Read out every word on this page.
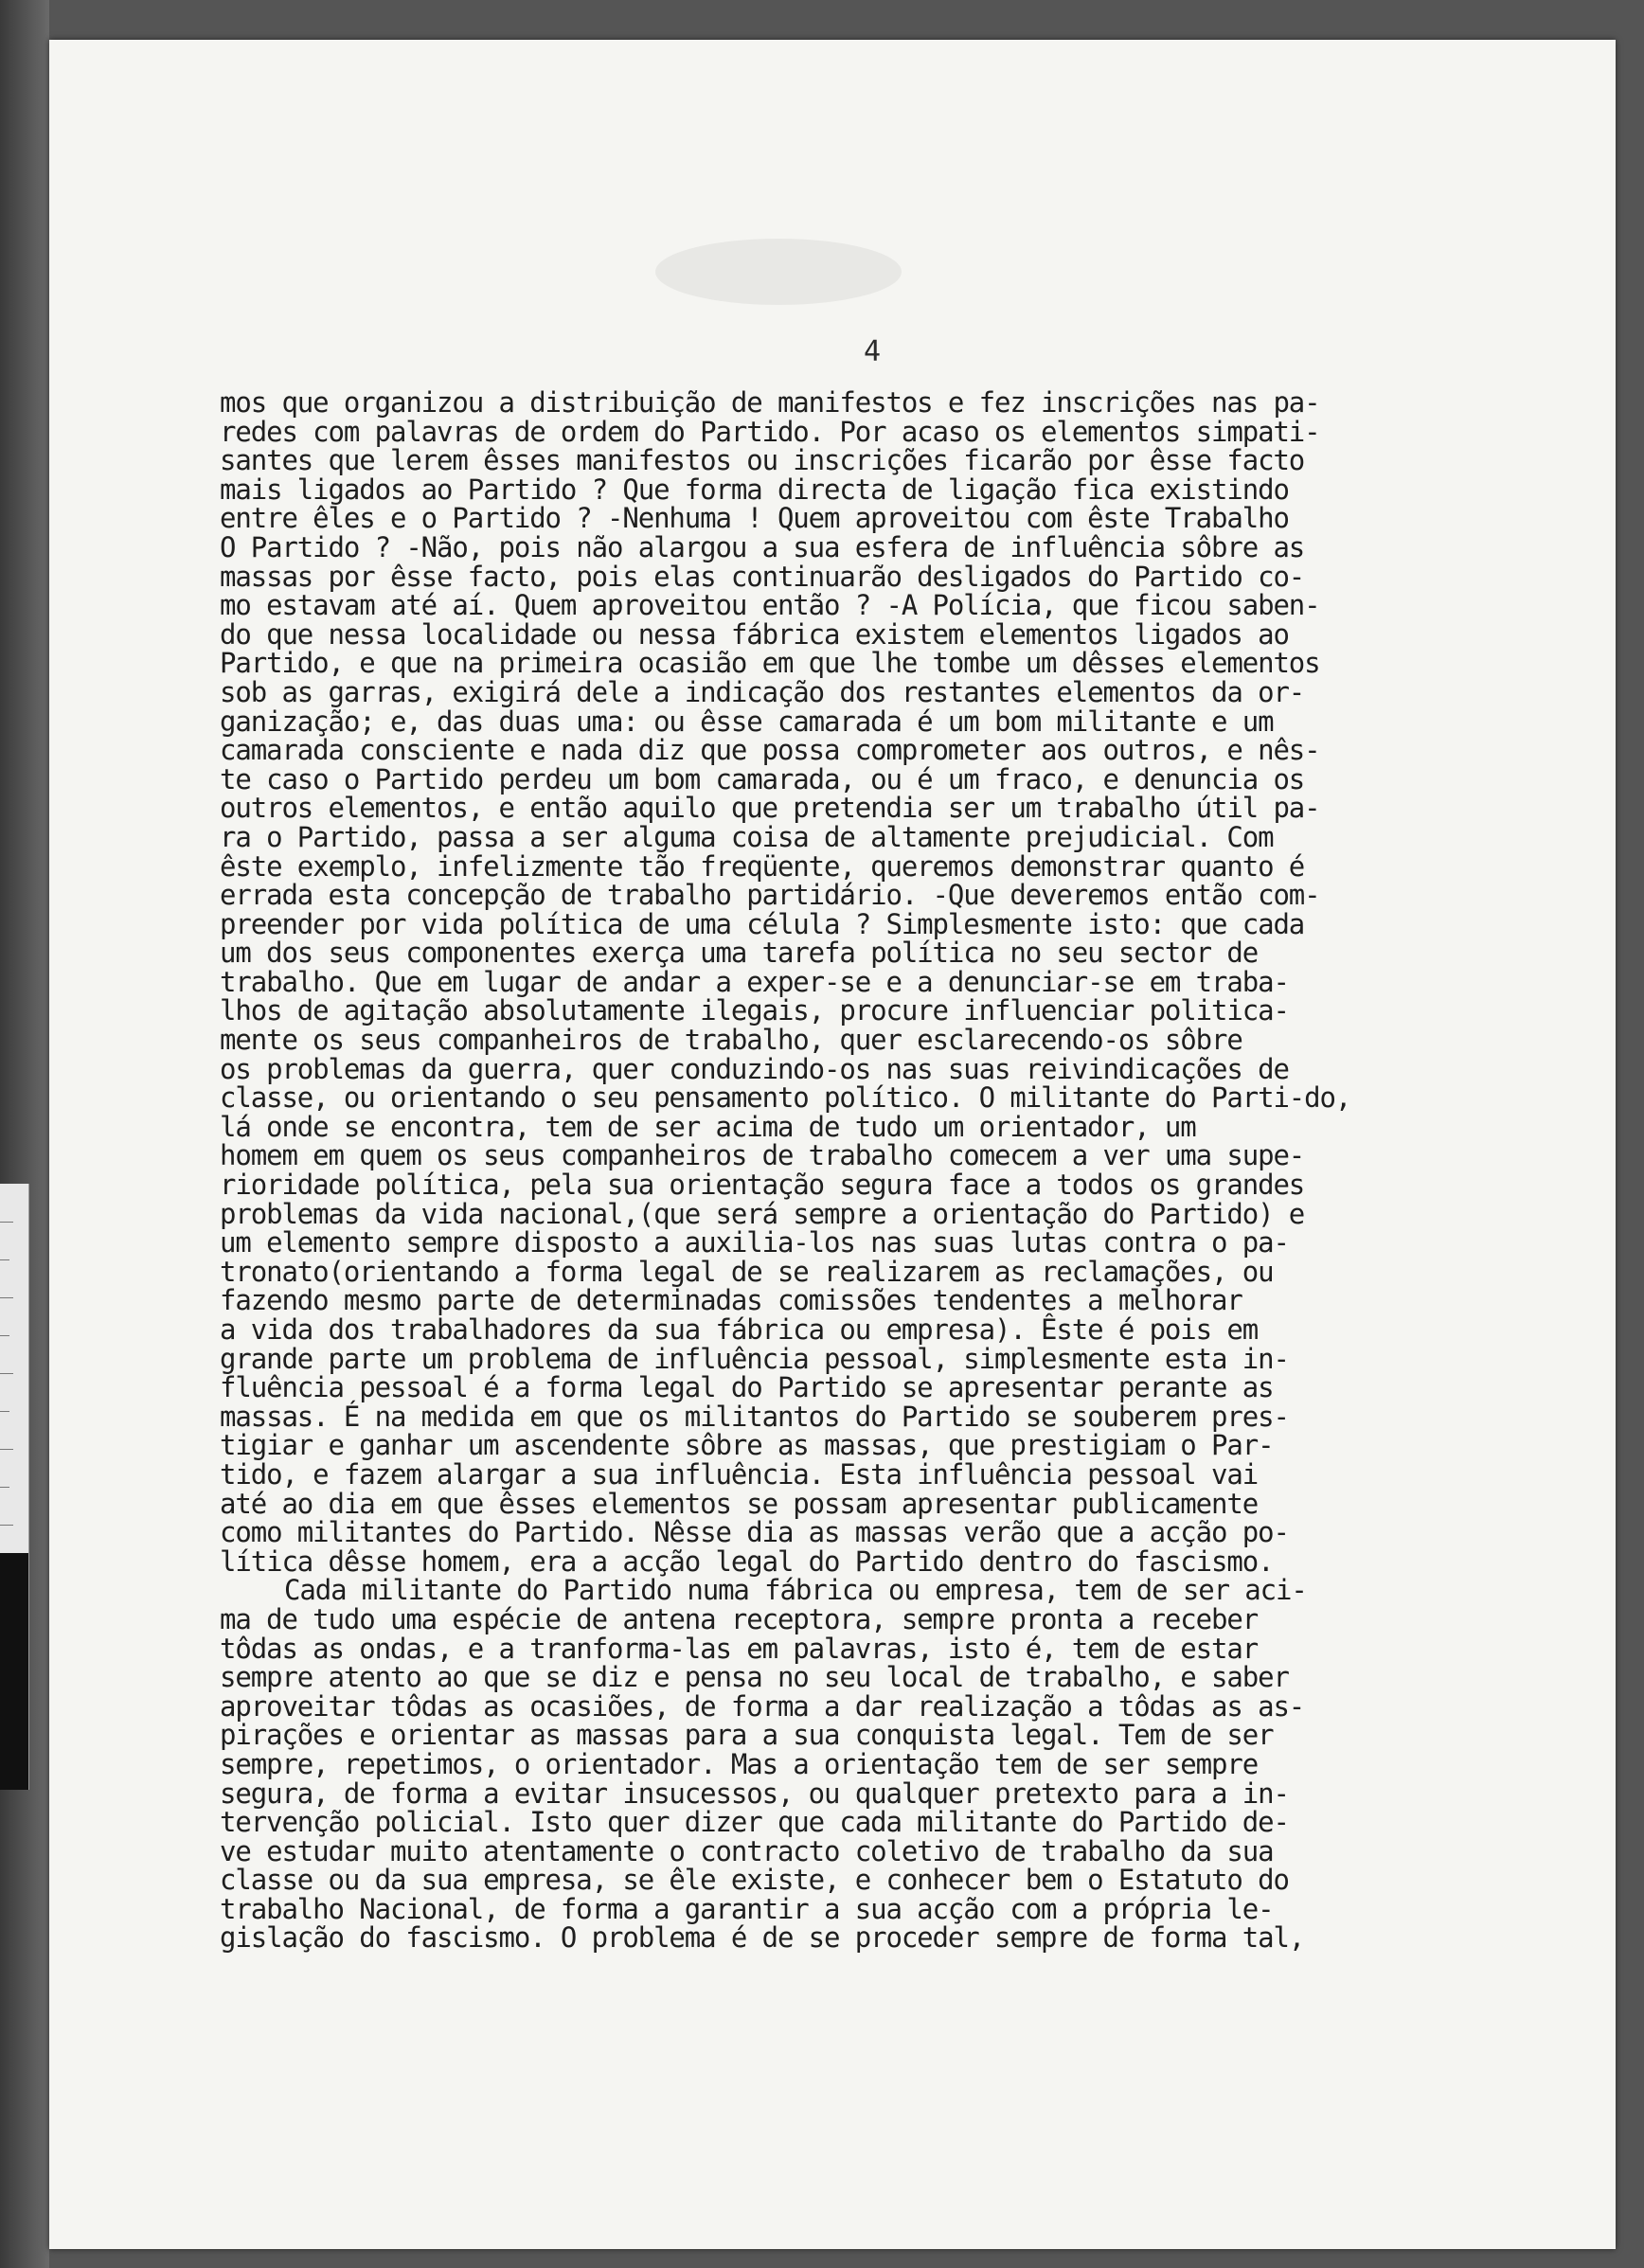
4
mos que organizou a distribuição de manifestos e fez inscrições nas pa-
redes com palavras de ordem do Partido. Por acaso os elementos simpati-
santes que lerem êsses manifestos ou inscrições ficarão por êsse facto
mais ligados ao Partido ? Que forma directa de ligação fica existindo
entre êles e o Partido ? -Nenhuma ! Quem aproveitou com êste Trabalho
O Partido ? -Não, pois não alargou a sua esfera de influência sôbre as
massas por êsse facto, pois elas continuarão desligados do Partido co-
mo estavam até aí. Quem aproveitou então ? -A Polícia, que ficou saben-
do que nessa localidade ou nessa fábrica existem elementos ligados ao
Partido, e que na primeira ocasião em que lhe tombe um dêsses elementos
sob as garras, exigirá dele a indicação dos restantes elementos da or-
ganização; e, das duas uma: ou êsse camarada é um bom militante e um
camarada consciente e nada diz que possa comprometer aos outros, e nês-
te caso o Partido perdeu um bom camarada, ou é um fraco, e denuncia os
outros elementos, e então aquilo que pretendia ser um trabalho útil pa-
ra o Partido, passa a ser alguma coisa de altamente prejudicial. Com
êste exemplo, infelizmente tão freqüente, queremos demonstrar quanto é
errada esta concepção de trabalho partidário. -Que deveremos então com-
preender por vida política de uma célula ? Simplesmente isto: que cada
um dos seus componentes exerça uma tarefa política no seu sector de
trabalho. Que em lugar de andar a exper-se e a denunciar-se em traba-
lhos de agitação absolutamente ilegais, procure influenciar politica-
mente os seus companheiros de trabalho, quer esclarecendo-os sôbre
os problemas da guerra, quer conduzindo-os nas suas reivindicações de
classe, ou orientando o seu pensamento político. O militante do Parti-do,
lá onde se encontra, tem de ser acima de tudo um orientador, um
homem em quem os seus companheiros de trabalho comecem a ver uma supe-
rioridade política, pela sua orientação segura face a todos os grandes
problemas da vida nacional,(que será sempre a orientação do Partido) e
um elemento sempre disposto a auxilia-los nas suas lutas contra o pa-
tronato(orientando a forma legal de se realizarem as reclamações, ou
fazendo mesmo parte de determinadas comissões tendentes a melhorar
a vida dos trabalhadores da sua fábrica ou empresa). Êste é pois em
grande parte um problema de influência pessoal, simplesmente esta in-
fluência pessoal é a forma legal do Partido se apresentar perante as
massas. É na medida em que os militantos do Partido se souberem pres-
tigiar e ganhar um ascendente sôbre as massas, que prestigiam o Par-
tido, e fazem alargar a sua influência. Esta influência pessoal vai
até ao dia em que êsses elementos se possam apresentar publicamente
como militantes do Partido. Nêsse dia as massas verão que a acção po-
lítica dêsse homem, era a acção legal do Partido dentro do fascismo.
Cada militante do Partido numa fábrica ou empresa, tem de ser aci-
ma de tudo uma espécie de antena receptora, sempre pronta a receber
tôdas as ondas, e a tranforma-las em palavras, isto é, tem de estar
sempre atento ao que se diz e pensa no seu local de trabalho, e saber
aproveitar tôdas as ocasiões, de forma a dar realização a tôdas as as-
pirações e orientar as massas para a sua conquista legal. Tem de ser
sempre, repetimos, o orientador. Mas a orientação tem de ser sempre
segura, de forma a evitar insucessos, ou qualquer pretexto para a in-
tervenção policial. Isto quer dizer que cada militante do Partido de-
ve estudar muito atentamente o contracto coletivo de trabalho da sua
classe ou da sua empresa, se êle existe, e conhecer bem o Estatuto do
trabalho Nacional, de forma a garantir a sua acção com a própria le-
gislação do fascismo. O problema é de se proceder sempre de forma tal,
